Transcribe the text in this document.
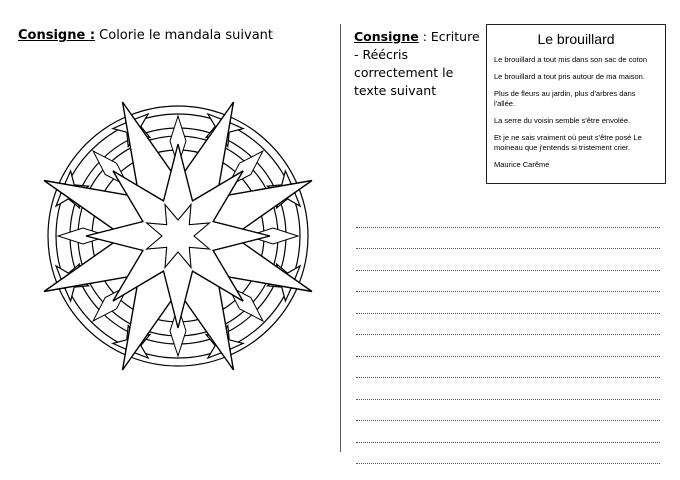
Consigne : Colorie le mandala suivant	Consigne : Ecriture - Réécris correctement le texte suivant
Le brouillard
Le brouillard a tout mis dans son sac de coton
Le brouillard a tout pris autour de ma maison.
Plus de fleurs au jardin, plus d'arbres dans l'allée.
La serre du voisin semble s'être envolée.
Et je ne sais vraiment où peut s'être posé Le moineau que j'entends si tristement crier.
Maurice Carême
